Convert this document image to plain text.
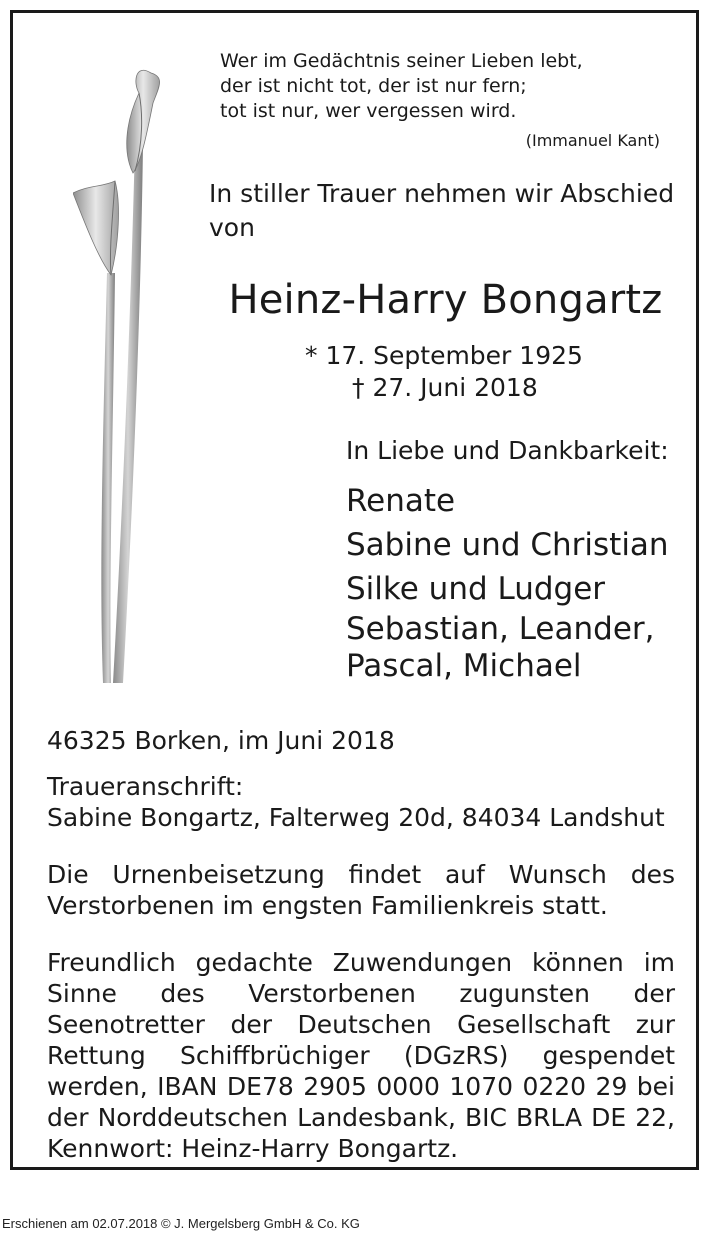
Wer im Gedächtnis seiner Lieben lebt,
der ist nicht tot, der ist nur fern;
tot ist nur, wer vergessen wird.
(Immanuel Kant)
In stiller Trauer nehmen wir Abschied
von
Heinz-Harry Bongartz
* 17. September 1925
† 27. Juni 2018
In Liebe und Dankbarkeit:
Renate
Sabine und Christian
Silke und Ludger
Sebastian, Leander,
Pascal, Michael
46325 Borken, im Juni 2018
Traueranschrift:
Sabine Bongartz, Falterweg 20d, 84034 Landshut
Die Urnenbeisetzung findet auf Wunsch des Verstorbenen im engsten Familienkreis statt.
Freundlich gedachte Zuwendungen können im Sinne des Verstorbenen zugunsten der Seenotretter der Deutschen Gesellschaft zur Rettung Schiffbrüchiger (DGzRS) gespendet werden, IBAN DE78 2905 0000 1070 0220 29 bei der Norddeutschen Landesbank, BIC BRLA DE 22, Kennwort: Heinz-Harry Bongartz.
Erschienen am 02.07.2018 © J. Mergelsberg GmbH & Co. KG
